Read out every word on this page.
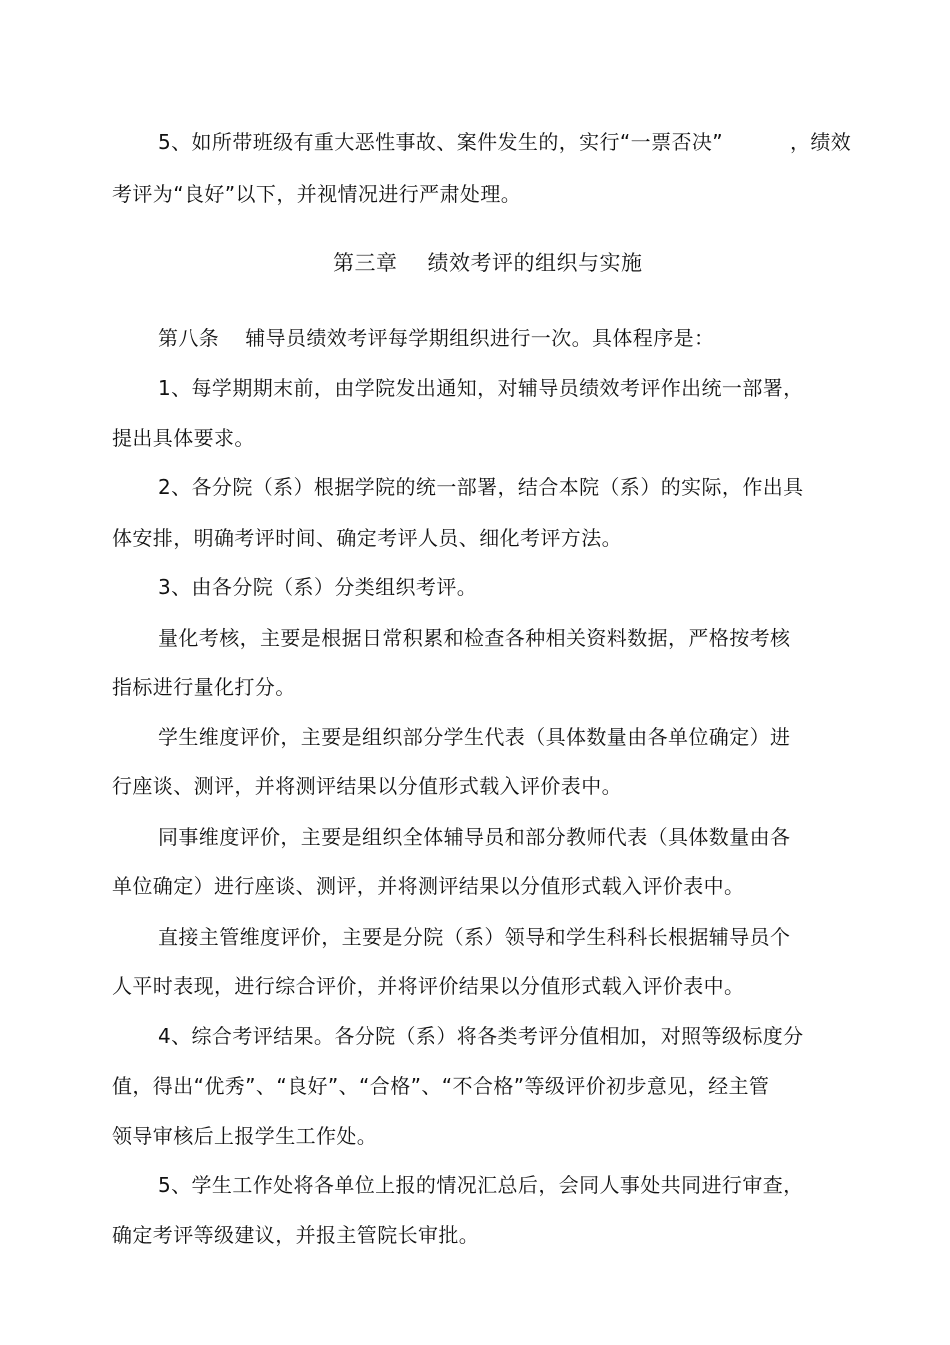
5、如所带班级有重大恶性事故、案件发生的，实行“一票否决”	，绩效
考评为“良好”以下，并视情况进行严肃处理。
第三章 绩效考评的组织与实施
第八条 辅导员绩效考评每学期组织进行一次。具体程序是：
1、每学期期末前，由学院发出通知，对辅导员绩效考评作出统一部署，
提出具体要求。
2、各分院（系）根据学院的统一部署，结合本院（系）的实际，作出具
体安排，明确考评时间、确定考评人员、细化考评方法。
3、由各分院（系）分类组织考评。
量化考核，主要是根据日常积累和检查各种相关资料数据，严格按考核
指标进行量化打分。
学生维度评价，主要是组织部分学生代表（具体数量由各单位确定）进
行座谈、测评，并将测评结果以分值形式载入评价表中。
同事维度评价，主要是组织全体辅导员和部分教师代表（具体数量由各
单位确定）进行座谈、测评，并将测评结果以分值形式载入评价表中。
直接主管维度评价，主要是分院（系）领导和学生科科长根据辅导员个
人平时表现，进行综合评价，并将评价结果以分值形式载入评价表中。
4、综合考评结果。各分院（系）将各类考评分值相加，对照等级标度分
值，得出“优秀”、“良好”、“合格”、“不合格”等级评价初步意见，经主管
领导审核后上报学生工作处。
5、学生工作处将各单位上报的情况汇总后，会同人事处共同进行审查，
确定考评等级建议，并报主管院长审批。
